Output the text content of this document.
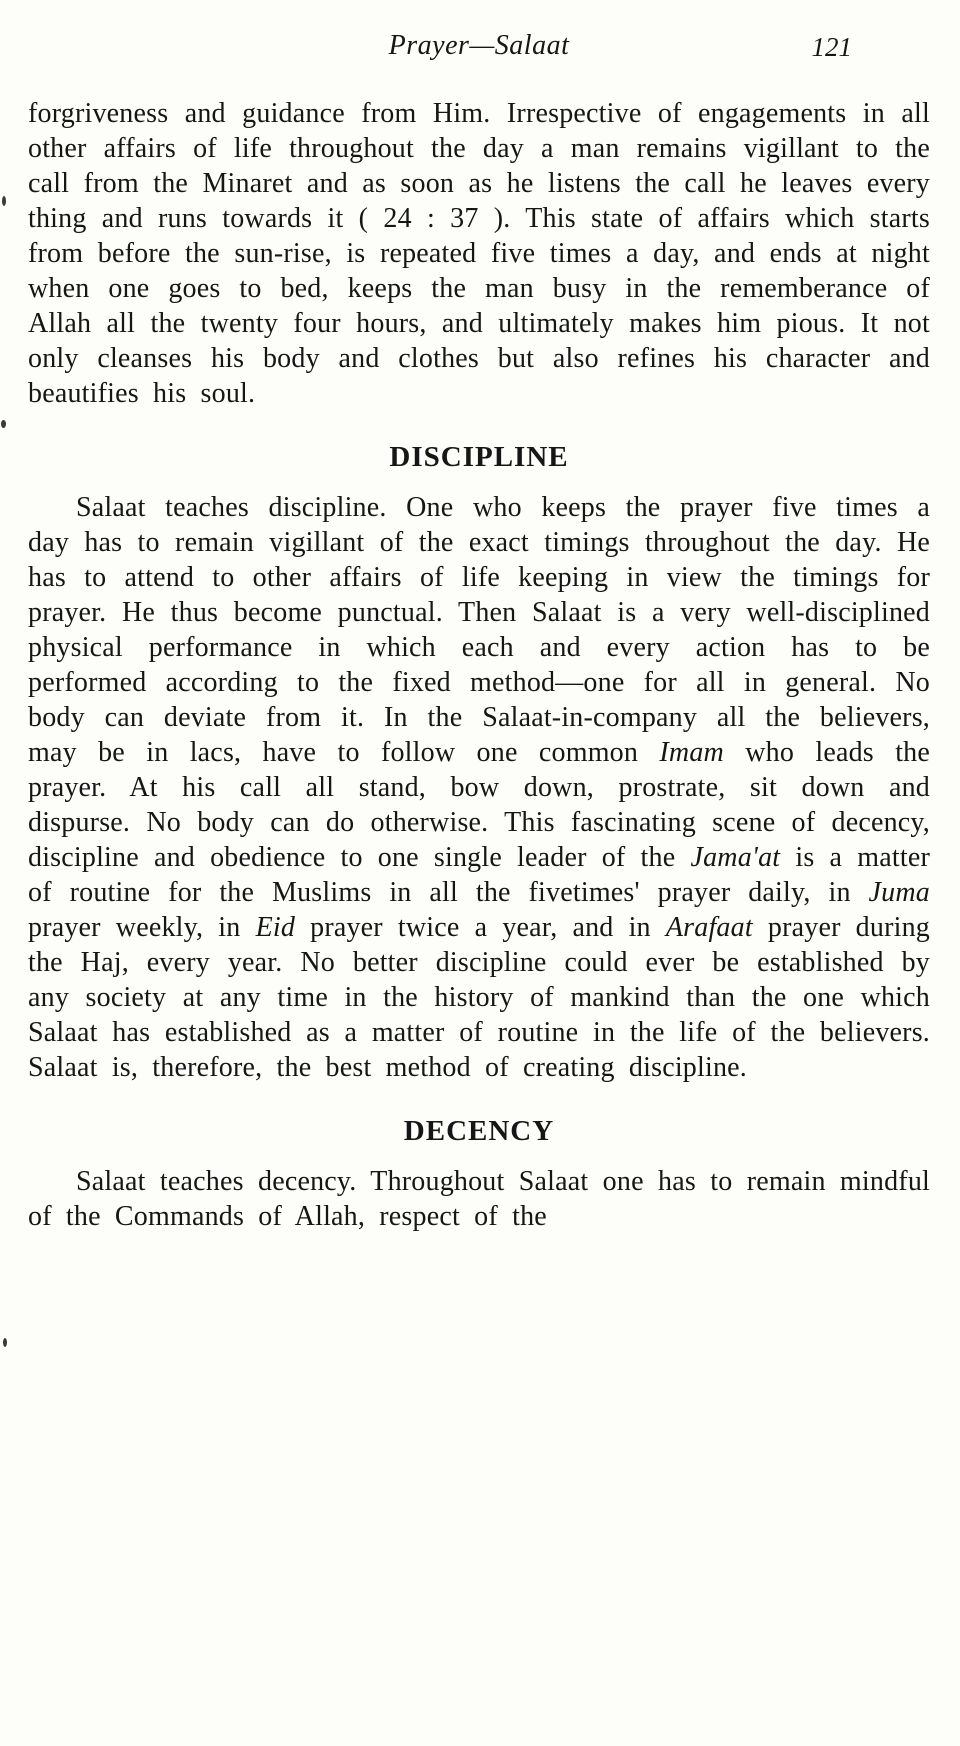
Prayer—Salaat	121

forgriveness and guidance from Him. Irrespective of engagements in all other affairs of life throughout the day a man remains vigillant to the call from the Minaret and as soon as he listens the call he leaves every thing and runs towards it ( 24 : 37 ). This state of affairs which starts from before the sun-rise, is repeated five times a day, and ends at night when one goes to bed, keeps the man busy in the rememberance of Allah all the twenty four hours, and ultimately makes him pious. It not only cleanses his body and clothes but also refines his character and beautifies his soul.

DISCIPLINE

Salaat teaches discipline. One who keeps the prayer five times a day has to remain vigillant of the exact timings throughout the day. He has to attend to other affairs of life keeping in view the timings for prayer. He thus become punctual. Then Salaat is a very well-disciplined physical performance in which each and every action has to be performed according to the fixed method—one for all in general. No body can deviate from it. In the Salaat-in-company all the believers, may be in lacs, have to follow one common Imam who leads the prayer. At his call all stand, bow down, prostrate, sit down and dispurse. No body can do otherwise. This fascinating scene of decency, discipline and obedience to one single leader of the Jama'at is a matter of routine for the Muslims in all the fivetimes' prayer daily, in Juma prayer weekly, in Eid prayer twice a year, and in Arafaat prayer during the Haj, every year. No better discipline could ever be established by any society at any time in the history of mankind than the one which Salaat has established as a matter of routine in the life of the believers. Salaat is, therefore, the best method of creating discipline.

DECENCY

Salaat teaches decency. Throughout Salaat one has to remain mindful of the Commands of Allah, respect of the
